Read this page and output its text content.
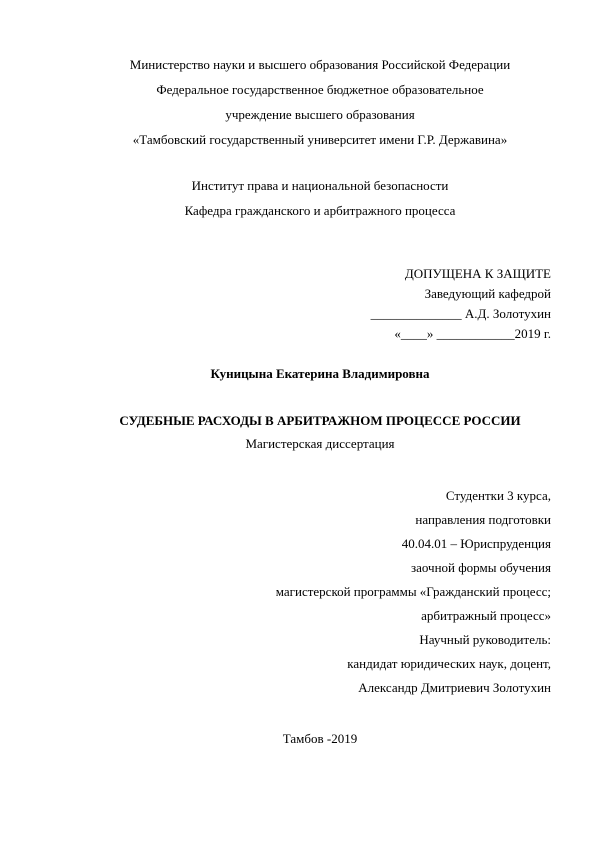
Министерство науки и высшего образования Российской Федерации
Федеральное государственное бюджетное образовательное
учреждение высшего образования
«Тамбовский государственный университет имени Г.Р. Державина»
Институт права и национальной безопасности
Кафедра гражданского и арбитражного процесса
ДОПУЩЕНА К ЗАЩИТЕ
Заведующий кафедрой
______________ А.Д. Золотухин
«____» ____________2019 г.
Куницына Екатерина Владимировна
СУДЕБНЫЕ РАСХОДЫ В АРБИТРАЖНОМ ПРОЦЕССЕ РОССИИ
Магистерская диссертация
Студентки 3 курса,
направления подготовки
40.04.01 – Юриспруденция
заочной формы обучения
магистерской программы «Гражданский процесс;
арбитражный процесс»
Научный руководитель:
кандидат юридических наук, доцент,
Александр Дмитриевич Золотухин
Тамбов -2019
